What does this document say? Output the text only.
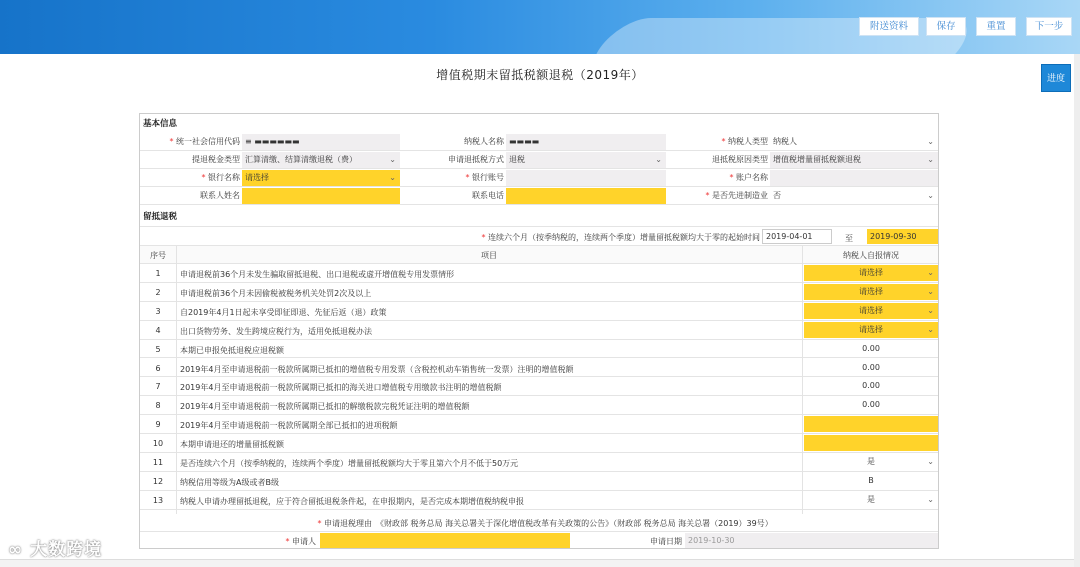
附送资料	保存	重置	下一步
增值税期末留抵税额退税（2019年）	进度
基本信息
* 统一社会信用代码 ≡ ▬▬▬▬▬▬	纳税人名称 ▬▬▬▬	* 纳税人类型 纳税人	⌄
提退税金类型 汇算清缴、结算清缴退税（费）	⌄	申请退抵税方式 退税	⌄	退抵税原因类型 增值税增量留抵税额退税	⌄
* 银行名称 请选择	⌄	* 银行账号	* 账户名称
联系人姓名	联系电话	* 是否先进制造业 否	⌄
留抵退税
* 连续六个月（按季纳税的，连续两个季度）增量留抵税额均大于零的起始时间 2019-04-01	至	2019-09-30
序号	项目	纳税人自报情况
1	申请退税前36个月未发生骗取留抵退税、出口退税或虚开增值税专用发票情形	请选择	⌄
2	申请退税前36个月未因偷税被税务机关处罚2次及以上	请选择	⌄
3	自2019年4月1日起未享受即征即退、先征后返（退）政策	请选择	⌄
4	出口货物劳务、发生跨境应税行为，适用免抵退税办法	请选择	⌄
5	本期已申报免抵退税应退税额	0.00
6	2019年4月至申请退税前一税款所属期已抵扣的增值税专用发票（含税控机动车销售统一发票）注明的增值税额	0.00
7	2019年4月至申请退税前一税款所属期已抵扣的海关进口增值税专用缴款书注明的增值税额	0.00
8	2019年4月至申请退税前一税款所属期已抵扣的解缴税款完税凭证注明的增值税额	0.00
9	2019年4月至申请退税前一税款所属期全部已抵扣的进项税额
10	本期申请退还的增量留抵税额
11	是否连续六个月（按季纳税的，连续两个季度）增量留抵税额均大于零且第六个月不低于50万元	是	⌄
12	纳税信用等级为A级或者B级	B
13	纳税人申请办理留抵退税，应于符合留抵退税条件起，在申报期内，是否完成本期增值税纳税申报	是	⌄
* 申请退税理由 《财政部 税务总局 海关总署关于深化增值税改革有关政策的公告》（财政部 税务总局 海关总署（2019）39号）
* 申请人	申请日期 2019-10-30
∞ 大数跨境
